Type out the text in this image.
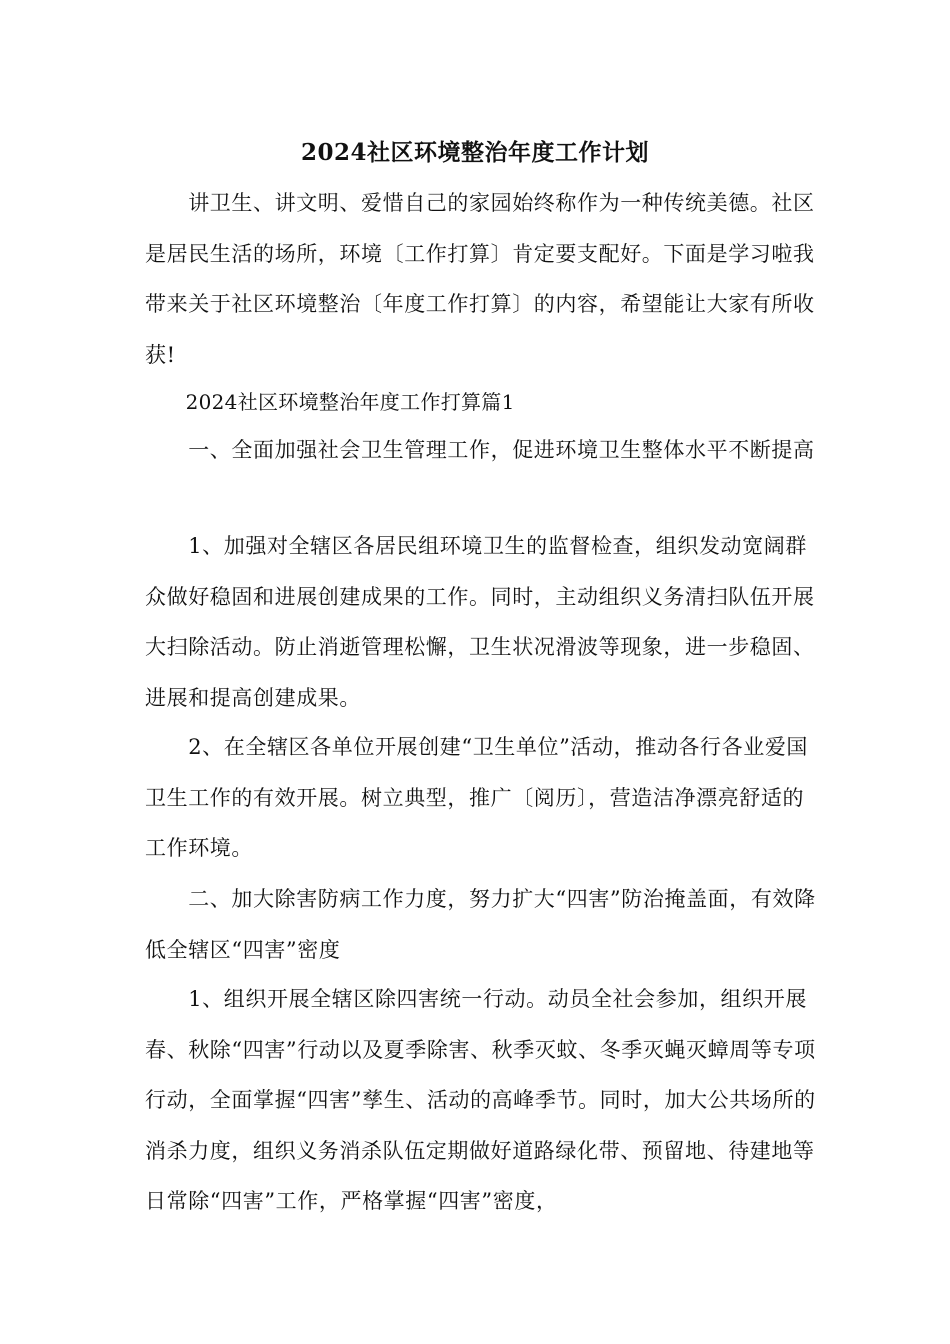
2024社区环境整治年度工作计划

　　讲卫生、讲文明、爱惜自己的家园始终称作为一种传统美德。社区是居民生活的场所，环境〔工作打算〕肯定要支配好。下面是学习啦我带来关于社区环境整治〔年度工作打算〕的内容，希望能让大家有所收获!

　　2024社区环境整治年度工作打算篇1

　　一、全面加强社会卫生管理工作，促进环境卫生整体水平不断提高

　　1、加强对全辖区各居民组环境卫生的监督检查，组织发动宽阔群众做好稳固和进展创建成果的工作。同时，主动组织义务清扫队伍开展大扫除活动。防止消逝管理松懈，卫生状况滑波等现象，进一步稳固、进展和提高创建成果。

　　2、在全辖区各单位开展创建“卫生单位”活动，推动各行各业爱国卫生工作的有效开展。树立典型，推广〔阅历〕，营造洁净漂亮舒适的工作环境。

　　二、加大除害防病工作力度，努力扩大“四害”防治掩盖面，有效降低全辖区“四害”密度

　　1、组织开展全辖区除四害统一行动。动员全社会参加，组织开展春、秋除“四害”行动以及夏季除害、秋季灭蚊、冬季灭蝇灭蟑周等专项行动，全面掌握“四害”孳生、活动的高峰季节。同时，加大公共场所的消杀力度，组织义务消杀队伍定期做好道路绿化带、预留地、待建地等日常除“四害”工作，严格掌握“四害”密度，
